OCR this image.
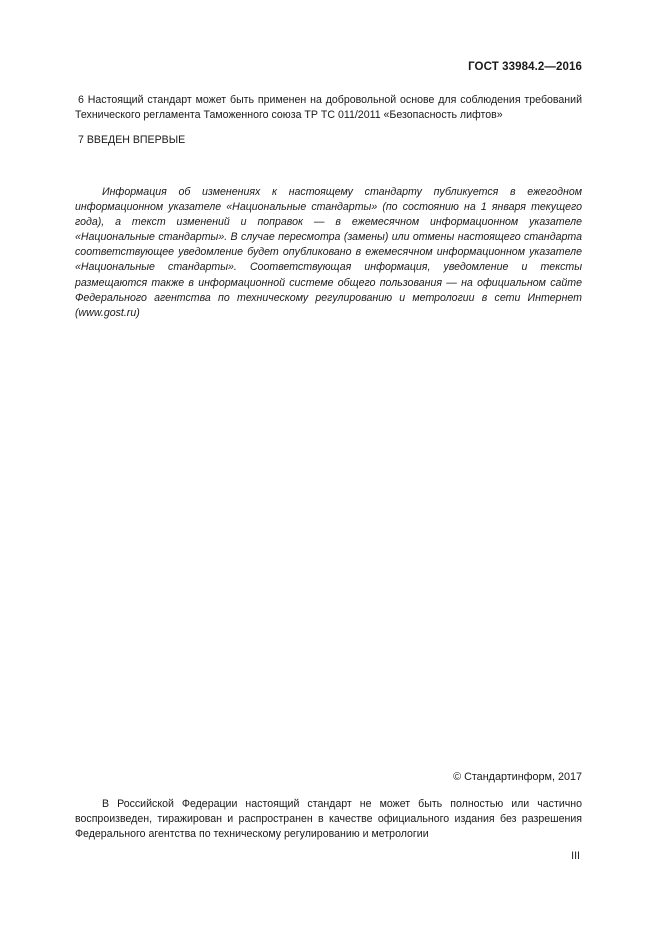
ГОСТ 33984.2—2016
6 Настоящий стандарт может быть применен на добровольной основе для соблюдения требований Технического регламента Таможенного союза ТР ТС 011/2011 «Безопасность лифтов»
7 ВВЕДЕН ВПЕРВЫЕ
Информация об изменениях к настоящему стандарту публикуется в ежегодном информационном указателе «Национальные стандарты» (по состоянию на 1 января текущего года), а текст изменений и поправок — в ежемесячном информационном указателе «Национальные стандарты». В случае пересмотра (замены) или отмены настоящего стандарта соответствующее уведомление будет опубликовано в ежемесячном информационном указателе «Национальные стандарты». Соответствующая информация, уведомление и тексты размещаются также в информационной системе общего пользования — на официальном сайте Федерального агентства по техническому регулированию и метрологии в сети Интернет (www.gost.ru)
© Стандартинформ, 2017
В Российской Федерации настоящий стандарт не может быть полностью или частично воспроизведен, тиражирован и распространен в качестве официального издания без разрешения Федерального агентства по техническому регулированию и метрологии
III
